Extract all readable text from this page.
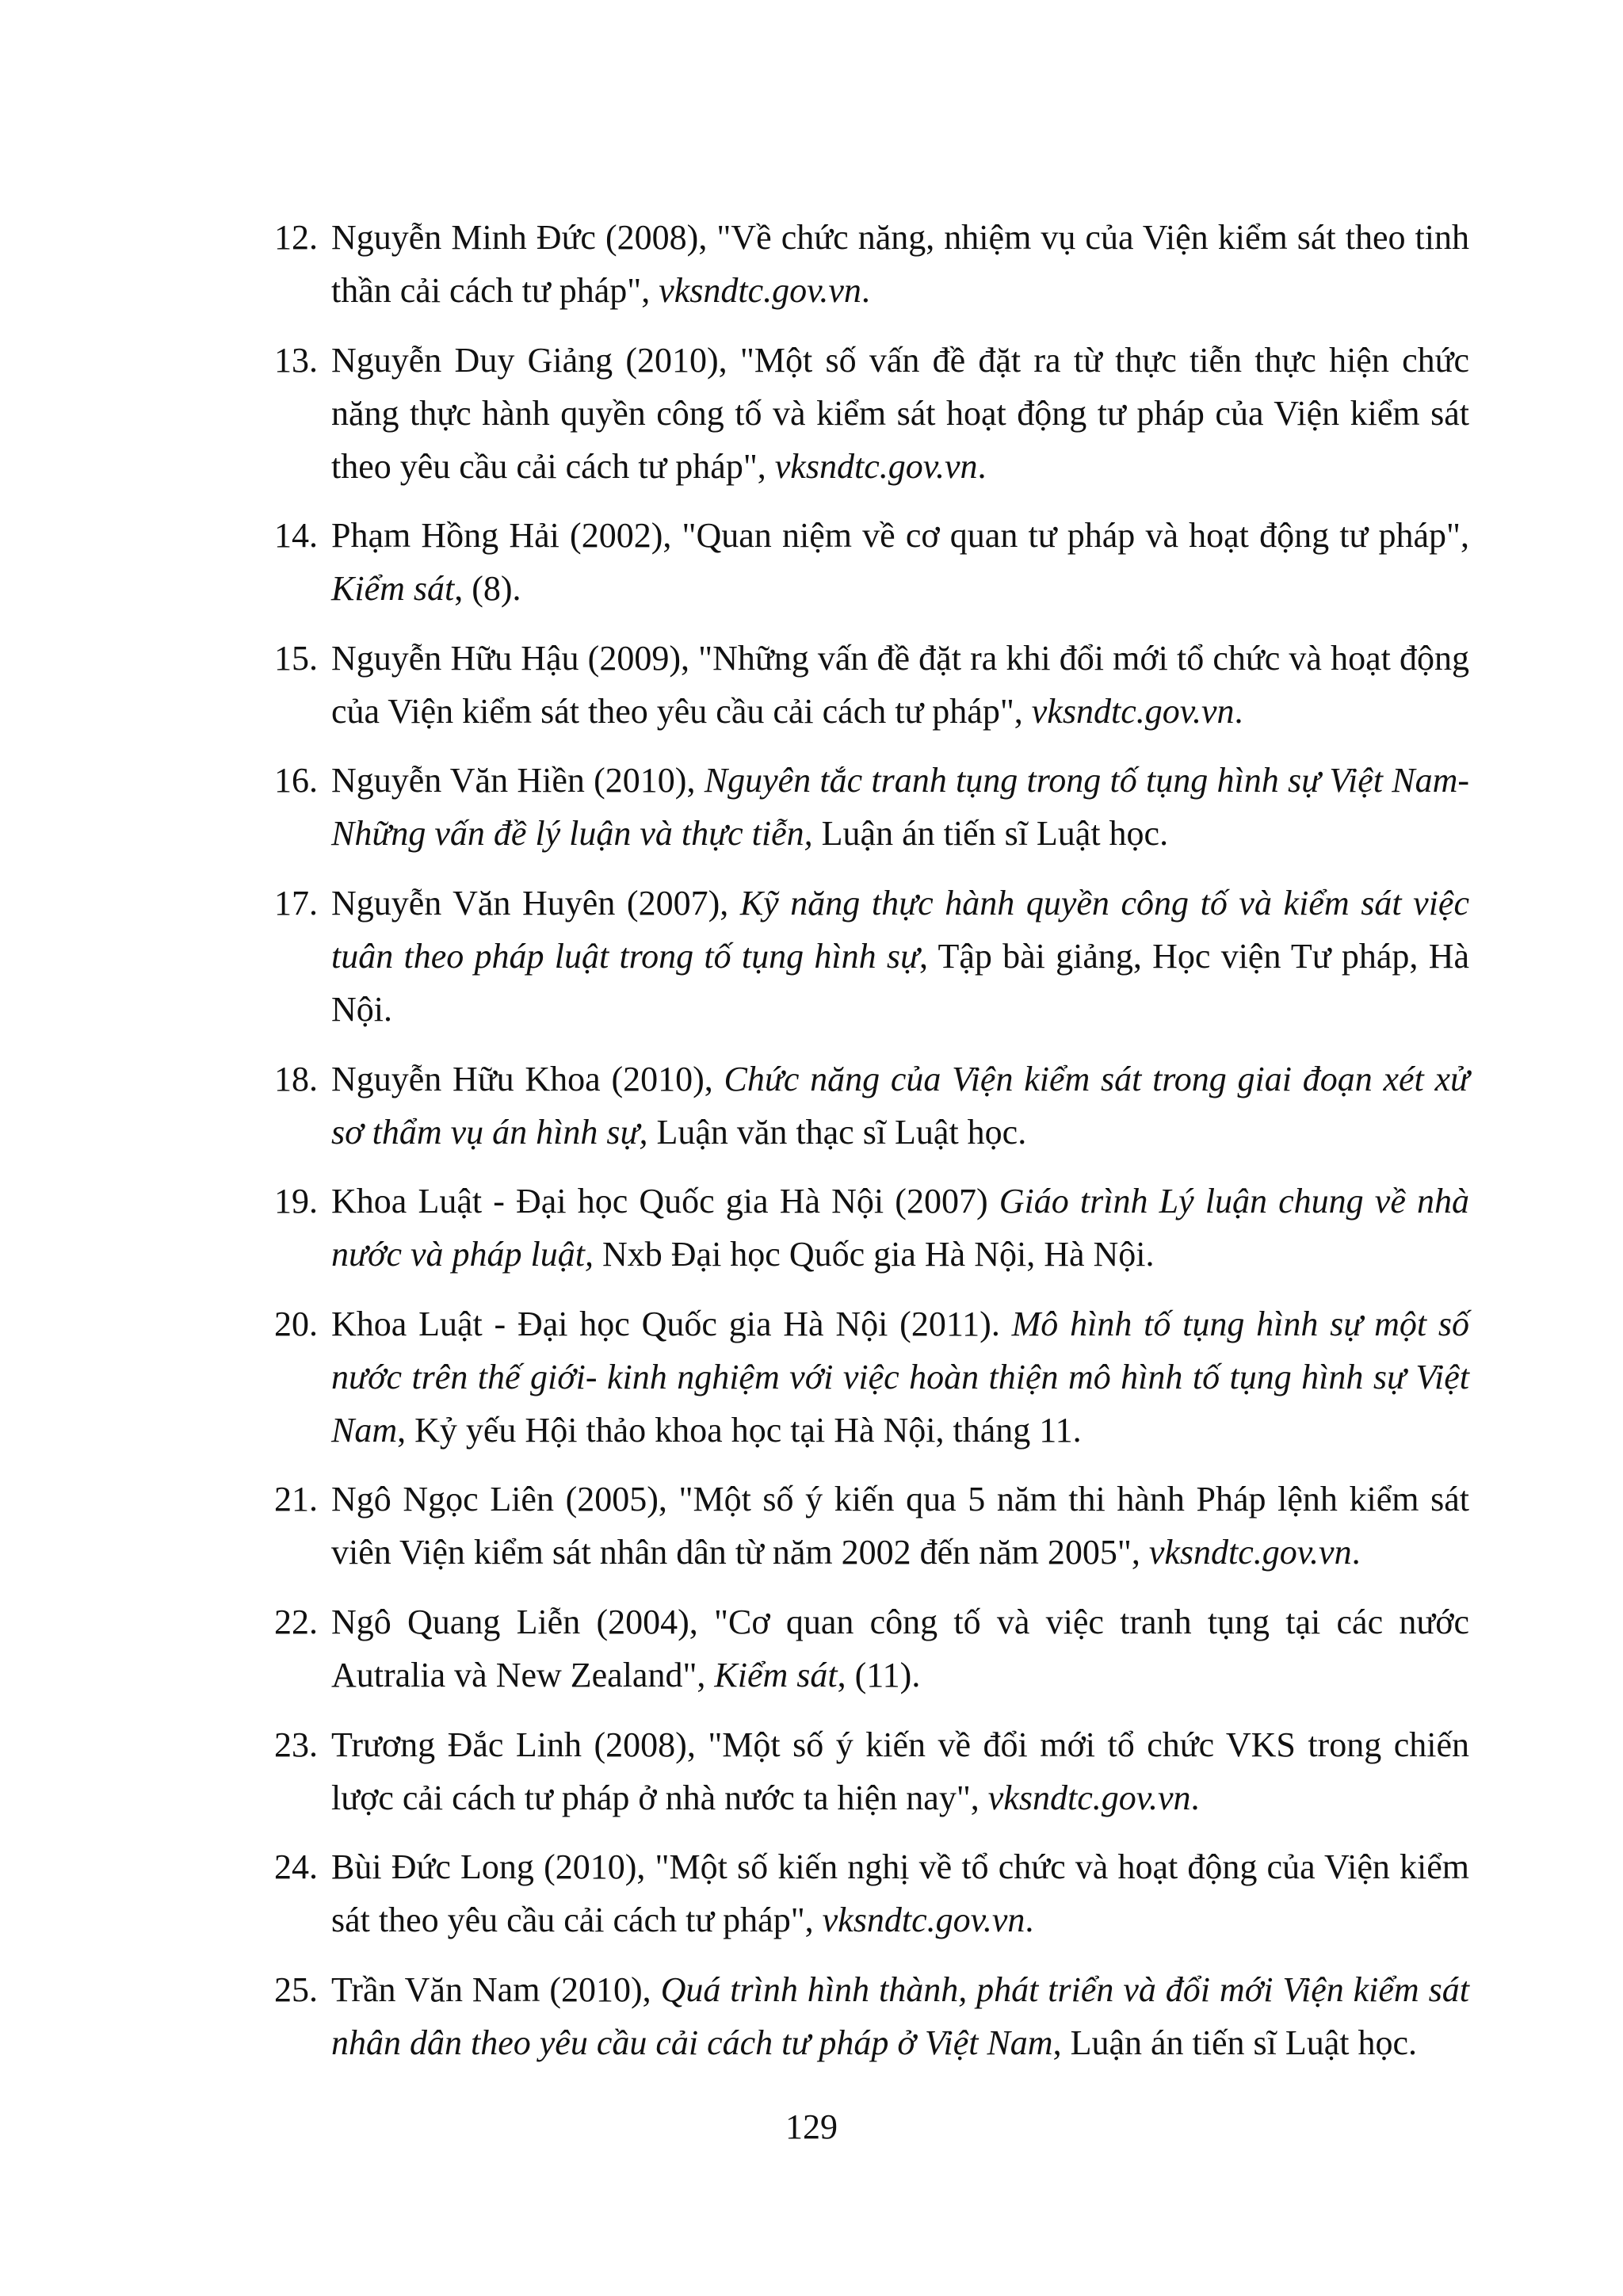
12. Nguyễn Minh Đức (2008), "Về chức năng, nhiệm vụ của Viện kiểm sát theo tinh thần cải cách tư pháp", vksndtc.gov.vn.
13. Nguyễn Duy Giảng (2010), "Một số vấn đề đặt ra từ thực tiễn thực hiện chức năng thực hành quyền công tố và kiểm sát hoạt động tư pháp của Viện kiểm sát theo yêu cầu cải cách tư pháp", vksndtc.gov.vn.
14. Phạm Hồng Hải (2002), "Quan niệm về cơ quan tư pháp và hoạt động tư pháp", Kiểm sát, (8).
15. Nguyễn Hữu Hậu (2009), "Những vấn đề đặt ra khi đổi mới tổ chức và hoạt động của Viện kiểm sát theo yêu cầu cải cách tư pháp", vksndtc.gov.vn.
16. Nguyễn Văn Hiền (2010), Nguyên tắc tranh tụng trong tố tụng hình sự Việt Nam- Những vấn đề lý luận và thực tiễn, Luận án tiến sĩ Luật học.
17. Nguyễn Văn Huyên (2007), Kỹ năng thực hành quyền công tố và kiểm sát việc tuân theo pháp luật trong tố tụng hình sự, Tập bài giảng, Học viện Tư pháp, Hà Nội.
18. Nguyễn Hữu Khoa (2010), Chức năng của Viện kiểm sát trong giai đoạn xét xử sơ thẩm vụ án hình sự, Luận văn thạc sĩ Luật học.
19. Khoa Luật - Đại học Quốc gia Hà Nội (2007) Giáo trình Lý luận chung về nhà nước và pháp luật, Nxb Đại học Quốc gia Hà Nội, Hà Nội.
20. Khoa Luật - Đại học Quốc gia Hà Nội (2011). Mô hình tố tụng hình sự một số nước trên thế giới- kinh nghiệm với việc hoàn thiện mô hình tố tụng hình sự Việt Nam, Kỷ yếu Hội thảo khoa học tại Hà Nội, tháng 11.
21. Ngô Ngọc Liên (2005), "Một số ý kiến qua 5 năm thi hành Pháp lệnh kiểm sát viên Viện kiểm sát nhân dân từ năm 2002 đến năm 2005", vksndtc.gov.vn.
22. Ngô Quang Liễn (2004), "Cơ quan công tố và việc tranh tụng tại các nước Autralia và New Zealand", Kiểm sát, (11).
23. Trương Đắc Linh (2008), "Một số ý kiến về đổi mới tổ chức VKS trong chiến lược cải cách tư pháp ở nhà nước ta hiện nay", vksndtc.gov.vn.
24. Bùi Đức Long (2010), "Một số kiến nghị về tổ chức và hoạt động của Viện kiểm sát theo yêu cầu cải cách tư pháp", vksndtc.gov.vn.
25. Trần Văn Nam (2010), Quá trình hình thành, phát triển và đổi mới Viện kiểm sát nhân dân theo yêu cầu cải cách tư pháp ở Việt Nam, Luận án tiến sĩ Luật học.
129
